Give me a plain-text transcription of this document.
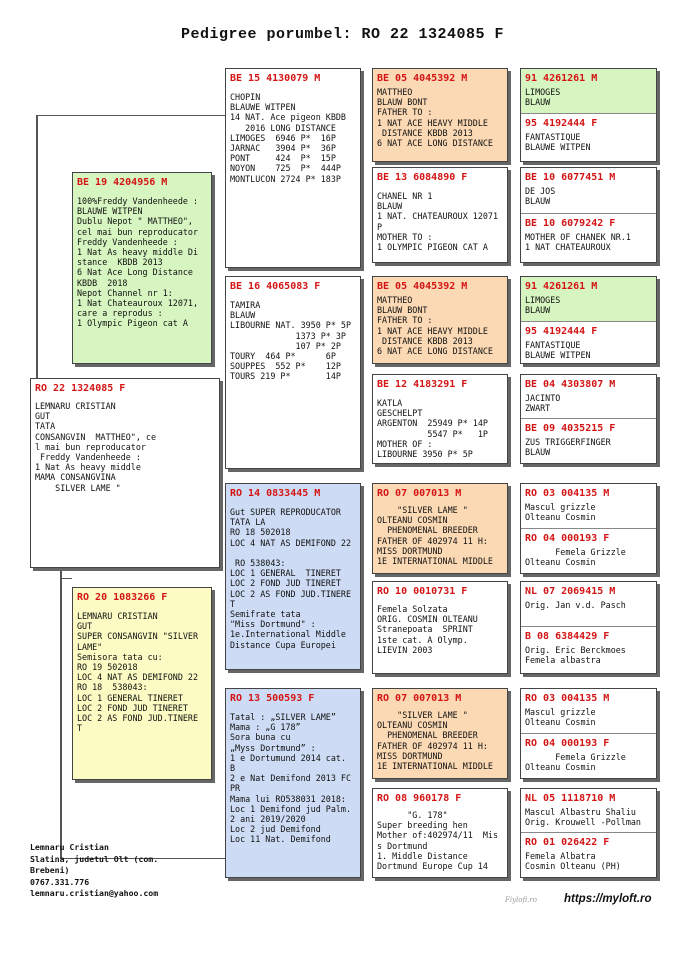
Pedigree porumbel: RO 22 1324085 F
RO 22 1324085 F
LEMNARU CRISTIAN
GUT
TATA
CONSANGVIN  MATTHEO", ce
l mai bun reproducator
Freddy Vandenheede :
1 Nat As heavy middle
MAMA CONSANGVINA
SILVER LAME "
BE 19 4204956 M
100%Freddy Vandenheede :
BLAUWE WITPEN
Dublu Nepot " MATTHEO",
cel mai bun reproducator
Freddy Vandenheede :
1 Nat As heavy middle Di
stance  KBDB 2013
6 Nat Ace Long Distance
KBDB  2018
Nepot Channel nr 1:
1 Nat Chateauroux 12071,
care a reprodus :
1 Olympic Pigeon cat A
RO 20 1083266 F
LEMNARU CRISTIAN
GUT
SUPER CONSANGVIN "SILVER
LAME"
Semisora tata cu:
RO 19 502018
LOC 4 NAT AS DEMIFOND 22
RO 18  538043:
LOC 1 GENERAL TINERET
LOC 2 FOND JUD TINERET
LOC 2 AS FOND JUD.TINERE
T
BE 15 4130079 M
CHOPIN
BLAUWE WITPEN
14 NAT. Ace pigeon KBDB
2016 LONG DISTANCE
LIMOGES  6946 P*  16P
JARNAC   3904 P*  36P
PONT     424  P*  15P
NOYON    725  P*  444P
MONTLUCON 2724 P* 183P
BE 16 4065083 F
TAMIRA
BLAUW
LIBOURNE NAT. 3950 P* 5P
1373 P* 3P
107 P* 2P
TOURY  464 P*      6P
SOUPPES  552 P*    12P
TOURS 219 P*       14P
RO 14 0833445 M
Gut SUPER REPRODUCATOR
TATA LA
RO 18 502018
LOC 4 NAT AS DEMIFOND 22

RO 538043:
LOC 1 GENERAL  TINERET
LOC 2 FOND JUD TINERET
LOC 2 AS FOND JUD.TINERE
T
Semifrate tata
"Miss Dortmund" :
1e.International Middle
Distance Cupa Europei
RO 13 500593 F
Tatal : „SILVER LAME”
Mama : „G 178”
Sora buna cu
„Myss Dortmund” :
1 e Dortumund 2014 cat.
B
2 e Nat Demifond 2013 FC
PR
Mama lui RO538031 2018:
Loc 1 Demifond jud Palm.
2 ani 2019/2020
Loc 2 jud Demifond
Loc 11 Nat. Demifond
BE 05 4045392 M
MATTHEO
BLAUW BONT
FATHER TO :
1 NAT ACE HEAVY MIDDLE
DISTANCE KBDB 2013
6 NAT ACE LONG DISTANCE
BE 13 6084890 F
CHANEL NR 1
BLAUW
1 NAT. CHATEAUROUX 12071
P
MOTHER TO :
1 OLYMPIC PIGEON CAT A
BE 05 4045392 M
MATTHEO
BLAUW BONT
FATHER TO :
1 NAT ACE HEAVY MIDDLE
DISTANCE KBDB 2013
6 NAT ACE LONG DISTANCE
BE 12 4183291 F
KATLA
GESCHELPT
ARGENTON  25949 P* 14P
5547 P*   1P
MOTHER OF :
LIBOURNE 3950 P* 5P
RO 07 007013 M
"SILVER LAME "
OLTEANU COSMIN
PHENOMENAL BREEDER
FATHER OF 402974 11 H:
MISS DORTMUND
1E INTERNATIONAL MIDDLE
RO 10 0010731 F
Femela Solzata
ORIG. COSMIN OLTEANU
Stranepoata  SPRINT
1ste cat. A Olymp.
LIEVIN 2003
RO 07 007013 M
"SILVER LAME "
OLTEANU COSMIN
PHENOMENAL BREEDER
FATHER OF 402974 11 H:
MISS DORTMUND
1E INTERNATIONAL MIDDLE
RO 08 960178 F
"G. 178"
Super breeding hen
Mother of:402974/11  Mis
s Dortmund
1. Middle Distance
Dortmund Europe Cup 14
91 4261261 M
LIMOGES
BLAUW
95 4192444 F
FANTASTIQUE
BLAUWE WITPEN
BE 10 6077451 M
DE JOS
BLAUW
BE 10 6079242 F
MOTHER OF CHANEK NR.1
1 NAT CHATEAUROUX
91 4261261 M
LIMOGES
BLAUW
95 4192444 F
FANTASTIQUE
BLAUWE WITPEN
BE 04 4303807 M
JACINTO
ZWART
BE 09 4035215 F
ZUS TRIGGERFINGER
BLAUW
RO 03 004135 M
Mascul grizzle
Olteanu Cosmin
RO 04 000193 F
Femela Grizzle
Olteanu Cosmin
NL 07 2069415 M
Orig. Jan v.d. Pasch
B 08 6384429 F
Orig. Eric Berckmoes
Femela albastra
RO 03 004135 M
Mascul grizzle
Olteanu Cosmin
RO 04 000193 F
Femela Grizzle
Olteanu Cosmin
NL 05 1118710 M
Mascul Albastru Shaliu
Orig. Krouwell -Pollman
RO 01 026422 F
Femela Albatra
Cosmin Olteanu (PH)
Lemnaru Cristian
Slatina, judetul Olt (com.
Brebeni)
0767.331.776
lemnaru.cristian@yahoo.com
Fiylofi.ro https://myloft.ro
